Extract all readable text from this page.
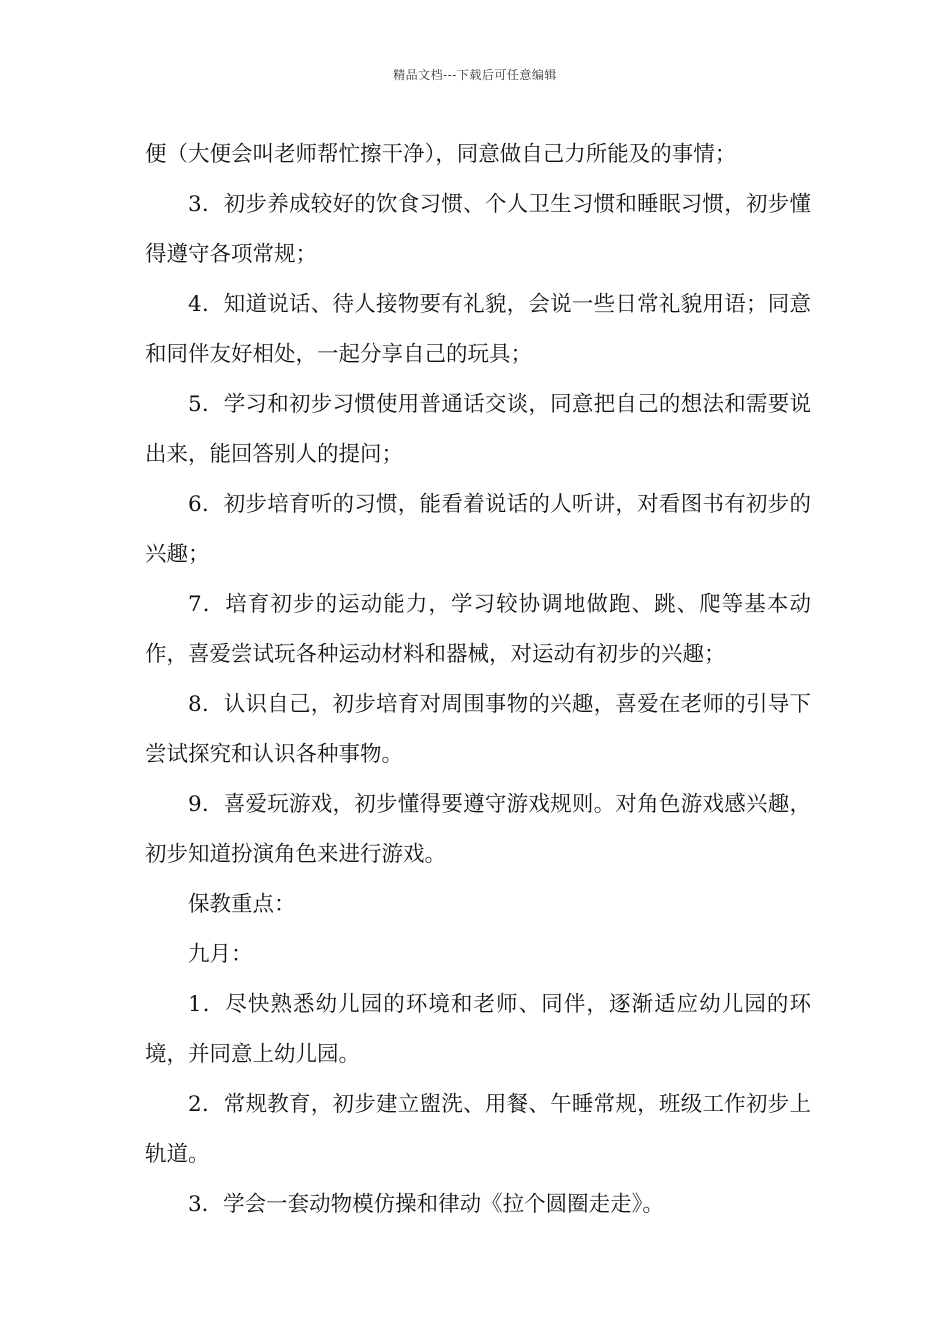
精品文档---下载后可任意编辑

便（大便会叫老师帮忙擦干净），同意做自己力所能及的事情；

3．初步养成较好的饮食习惯、个人卫生习惯和睡眠习惯，初步懂得遵守各项常规；

4．知道说话、待人接物要有礼貌，会说一些日常礼貌用语；同意和同伴友好相处，一起分享自己的玩具；

5．学习和初步习惯使用普通话交谈，同意把自己的想法和需要说出来，能回答别人的提问；

6．初步培育听的习惯，能看着说话的人听讲，对看图书有初步的兴趣；

7．培育初步的运动能力，学习较协调地做跑、跳、爬等基本动作，喜爱尝试玩各种运动材料和器械，对运动有初步的兴趣；

8．认识自己，初步培育对周围事物的兴趣，喜爱在老师的引导下尝试探究和认识各种事物。

9．喜爱玩游戏，初步懂得要遵守游戏规则。对角色游戏感兴趣，初步知道扮演角色来进行游戏。

保教重点：

九月：

1．尽快熟悉幼儿园的环境和老师、同伴，逐渐适应幼儿园的环境，并同意上幼儿园。

2．常规教育，初步建立盥洗、用餐、午睡常规，班级工作初步上轨道。

3．学会一套动物模仿操和律动《拉个圆圈走走》。
